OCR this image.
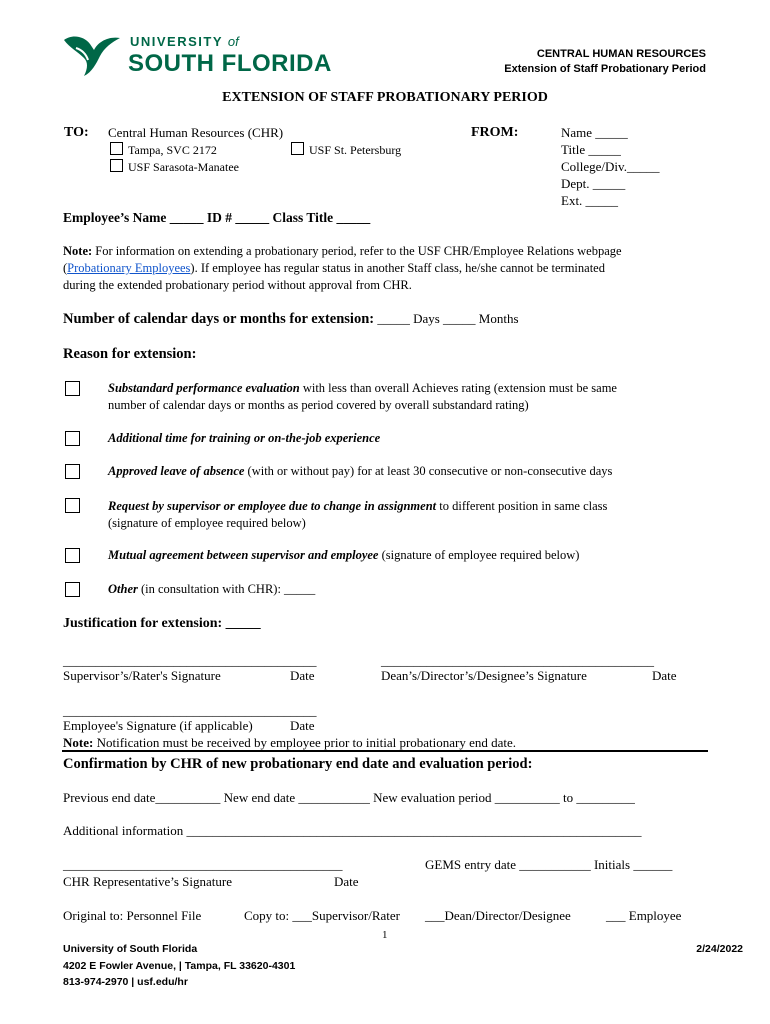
UNIVERSITY of
SOUTH FLORIDA	CENTRAL HUMAN RESOURCES
Extension of Staff Probationary Period
EXTENSION OF STAFF PROBATIONARY PERIOD
TO: Central Human Resources (CHR)
Tampa, SVC 2172	USF St. Petersburg
USF Sarasota-Manatee
FROM:	Name _____
Title _____
College/Div._____
Dept. _____
Ext. _____
Employee’s Name _____ ID # _____ Class Title _____
Note: For information on extending a probationary period, refer to the USF CHR/Employee Relations webpage
(Probationary Employees). If employee has regular status in another Staff class, he/she cannot be terminated
during the extended probationary period without approval from CHR.
Number of calendar days or months for extension: _____ Days _____ Months
Reason for extension:
Substandard performance evaluation with less than overall Achieves rating (extension must be same
number of calendar days or months as period covered by overall substandard rating)
Additional time for training or on-the-job experience
Approved leave of absence (with or without pay) for at least 30 consecutive or non-consecutive days
Request by supervisor or employee due to change in assignment to different position in same class
(signature of employee required below)
Mutual agreement between supervisor and employee (signature of employee required below)
Other (in consultation with CHR): _____
Justification for extension: _____
_______________________________________
Supervisor’s/Rater's Signature	Date
__________________________________________
Dean’s/Director’s/Designee’s Signature	Date
_______________________________________
Employee's Signature (if applicable)	Date
Note: Notification must be received by employee prior to initial probationary end date.
Confirmation by CHR of new probationary end date and evaluation period:
Previous end date__________ New end date ___________ New evaluation period __________ to _________
Additional information ______________________________________________________________________
___________________________________________	GEMS entry date ___________ Initials ______
CHR Representative’s Signature	Date
Original to: Personnel File	Copy to: ___Supervisor/Rater ___Dean/Director/Designee	___ Employee
1
University of South Florida
4202 E Fowler Avenue, | Tampa, FL 33620-4301
813-974-2970 | usf.edu/hr
2/24/2022
